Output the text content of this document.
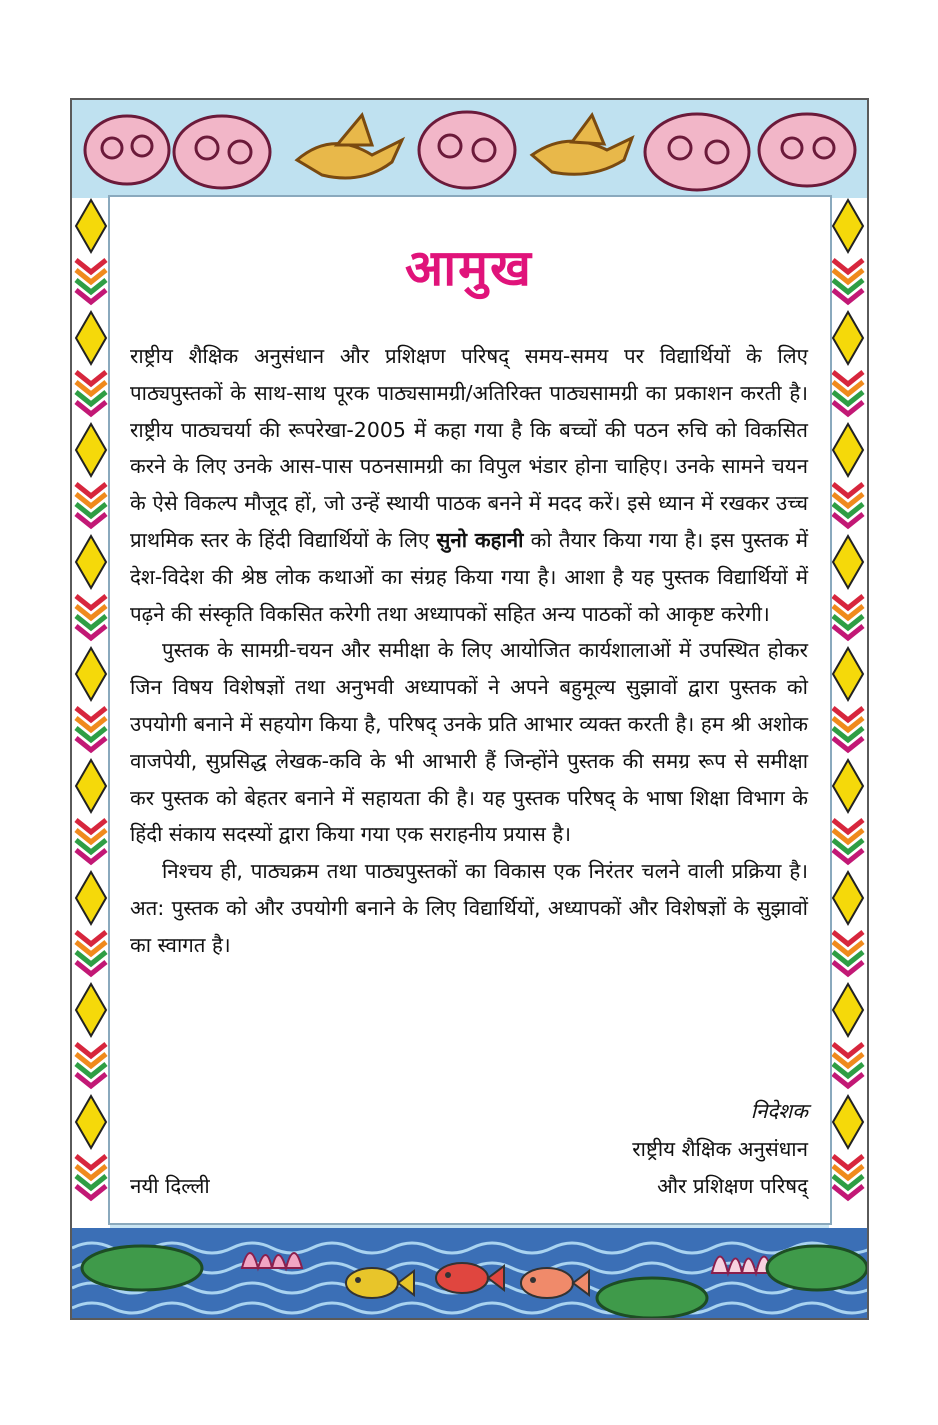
आमुख

राष्ट्रीय शैक्षिक अनुसंधान और प्रशिक्षण परिषद् समय-समय पर विद्यार्थियों के लिए पाठ्यपुस्तकों के साथ-साथ पूरक पाठ्यसामग्री/अतिरिक्त पाठ्यसामग्री का प्रकाशन करती है। राष्ट्रीय पाठ्यचर्या की रूपरेखा-2005 में कहा गया है कि बच्चों की पठन रुचि को विकसित करने के लिए उनके आस-पास पठनसामग्री का विपुल भंडार होना चाहिए। उनके सामने चयन के ऐसे विकल्प मौजूद हों, जो उन्हें स्थायी पाठक बनने में मदद करें। इसे ध्यान में रखकर उच्च प्राथमिक स्तर के हिंदी विद्यार्थियों के लिए सुनो कहानी को तैयार किया गया है। इस पुस्तक में देश-विदेश की श्रेष्ठ लोक कथाओं का संग्रह किया गया है। आशा है यह पुस्तक विद्यार्थियों में पढ़ने की संस्कृति विकसित करेगी तथा अध्यापकों सहित अन्य पाठकों को आकृष्ट करेगी।

पुस्तक के सामग्री-चयन और समीक्षा के लिए आयोजित कार्यशालाओं में उपस्थित होकर जिन विषय विशेषज्ञों तथा अनुभवी अध्यापकों ने अपने बहुमूल्य सुझावों द्वारा पुस्तक को उपयोगी बनाने में सहयोग किया है, परिषद् उनके प्रति आभार व्यक्त करती है। हम श्री अशोक वाजपेयी, सुप्रसिद्ध लेखक-कवि के भी आभारी हैं जिन्होंने पुस्तक की समग्र रूप से समीक्षा कर पुस्तक को बेहतर बनाने में सहायता की है। यह पुस्तक परिषद् के भाषा शिक्षा विभाग के हिंदी संकाय सदस्यों द्वारा किया गया एक सराहनीय प्रयास है।

निश्चय ही, पाठ्यक्रम तथा पाठ्यपुस्तकों का विकास एक निरंतर चलने वाली प्रक्रिया है। अत: पुस्तक को और उपयोगी बनाने के लिए विद्यार्थियों, अध्यापकों और विशेषज्ञों के सुझावों का स्वागत है।

निदेशक
राष्ट्रीय शैक्षिक अनुसंधान
और प्रशिक्षण परिषद्
नयी दिल्ली
